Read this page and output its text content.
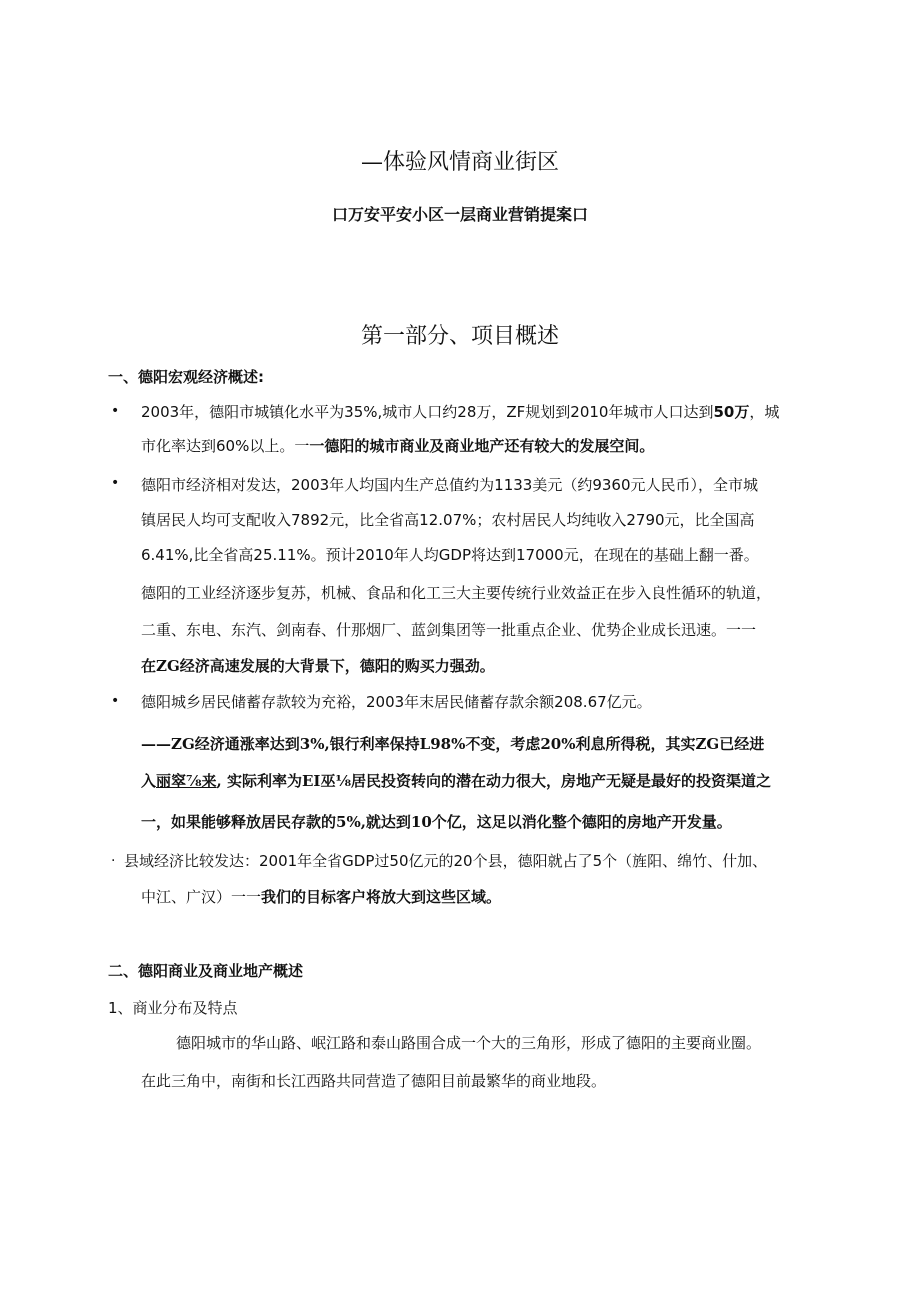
—体验风情商业街区
口万安平安小区一层商业营销提案口
第一部分、项目概述
一、德阳宏观经济概述:
• 2003年，德阳市城镇化水平为35%,城市人口约28万，ZF规划到2010年城市人口达到50万，城
市化率达到60%以上。一一德阳的城市商业及商业地产还有较大的发展空间。
• 德阳市经济相对发达，2003年人均国内生产总值约为1133美元（约9360元人民币），全市城
镇居民人均可支配收入7892元，比全省高12.07%；农村居民人均纯收入2790元，比全国高
6.41%,比全省高25.11%。预计2010年人均GDP将达到17000元，在现在的基础上翻一番。
德阳的工业经济逐步复苏，机械、食品和化工三大主要传统行业效益正在步入良性循环的轨道，
二重、东电、东汽、剑南春、什那烟厂、蓝剑集团等一批重点企业、优势企业成长迅速。一一
在ZG经济高速发展的大背景下，德阳的购买力强劲。
• 德阳城乡居民储蓄存款较为充裕，2003年末居民储蓄存款余额208.67亿元。
——ZG经济通涨率达到3%,银行利率保持L98%不变，考虑20%利息所得税，其实ZG已经进
入丽窣⅞来, 实际利率为EI巫⅛居民投资转向的潜在动力很大，房地产无疑是最好的投资渠道之
一，如果能够释放居民存款的5%,就达到10个亿，这足以消化整个德阳的房地产开发量。
· 县域经济比较发达：2001年全省GDP过50亿元的20个县，德阳就占了5个（旌阳、绵竹、什加、
中江、广汉）一一我们的目标客户将放大到这些区域。
二、德阳商业及商业地产概述
1、商业分布及特点
德阳城市的华山路、岷江路和泰山路围合成一个大的三角形，形成了德阳的主要商业圈。
在此三角中，南街和长江西路共同营造了德阳目前最繁华的商业地段。
